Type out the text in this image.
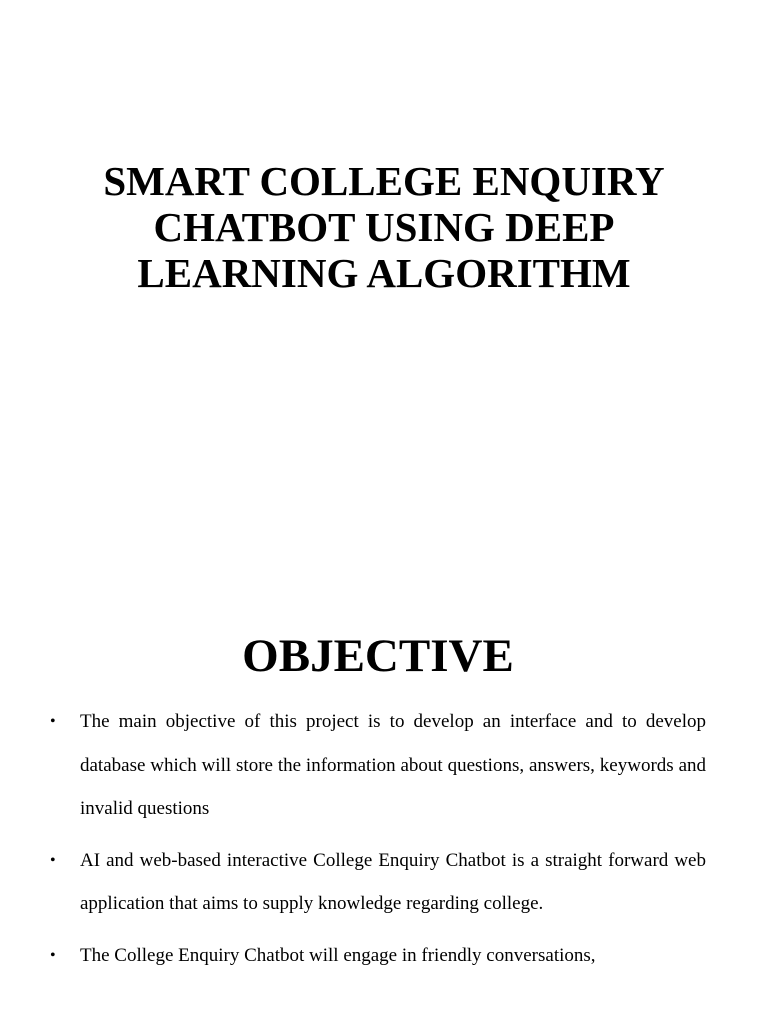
SMART COLLEGE ENQUIRY
CHATBOT USING DEEP
LEARNING ALGORITHM
OBJECTIVE
• The main objective of this project is to develop an interface and to develop database which will store the information about questions, answers, keywords and invalid questions
• AI and web-based interactive College Enquiry Chatbot is a straight forward web application that aims to supply knowledge regarding college.
• The College Enquiry Chatbot will engage in friendly conversations,
